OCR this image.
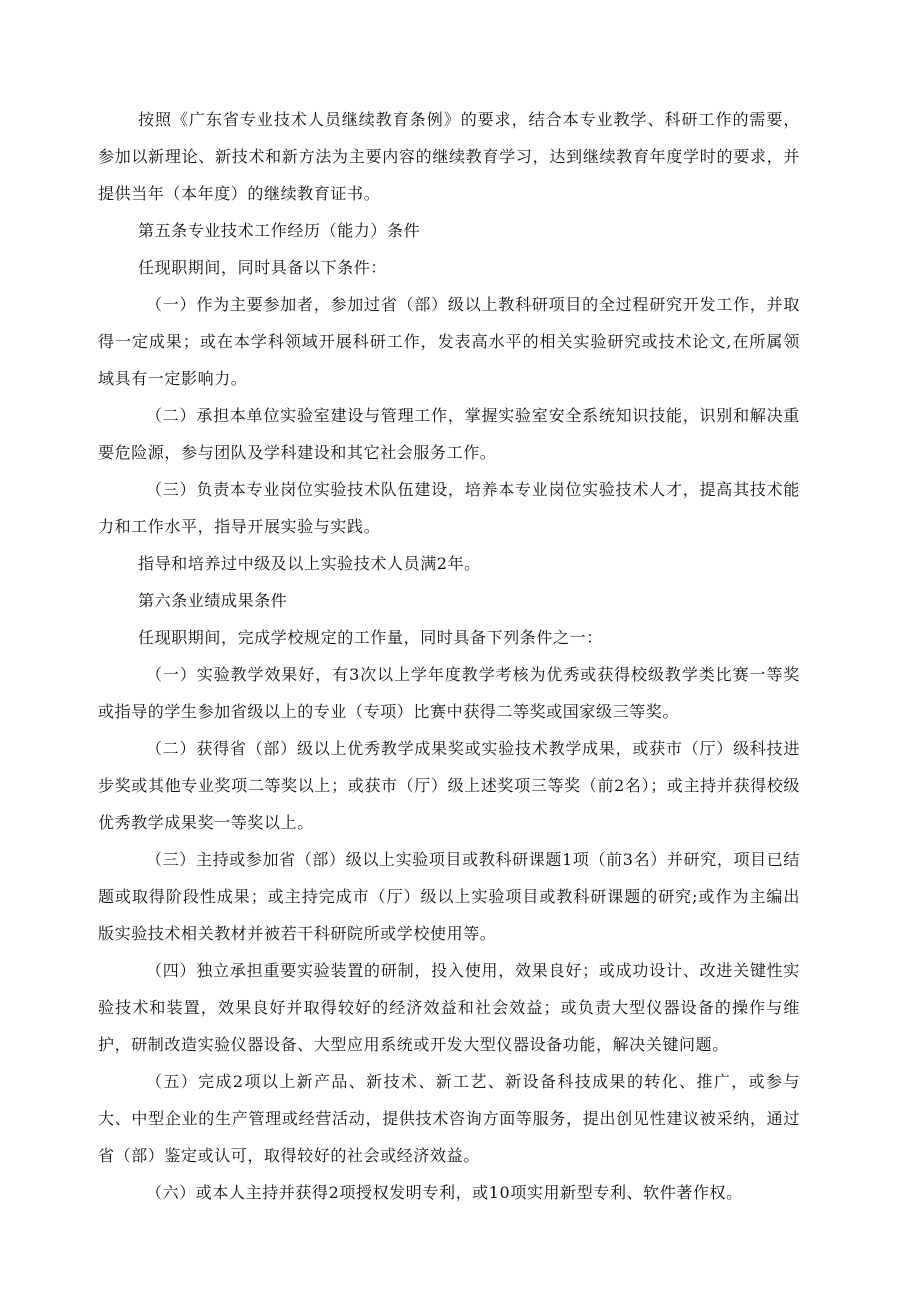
按照《广东省专业技术人员继续教育条例》的要求，结合本专业教学、科研工作的需要，参加以新理论、新技术和新方法为主要内容的继续教育学习，达到继续教育年度学时的要求，并提供当年（本年度）的继续教育证书。

第五条专业技术工作经历（能力）条件

任现职期间，同时具备以下条件：

（一）作为主要参加者，参加过省（部）级以上教科研项目的全过程研究开发工作，并取得一定成果；或在本学科领域开展科研工作，发表高水平的相关实验研究或技术论文,在所属领域具有一定影响力。

（二）承担本单位实验室建设与管理工作，掌握实验室安全系统知识技能，识别和解决重要危险源，参与团队及学科建设和其它社会服务工作。

（三）负责本专业岗位实验技术队伍建设，培养本专业岗位实验技术人才，提高其技术能力和工作水平，指导开展实验与实践。

指导和培养过中级及以上实验技术人员满2年。

第六条业绩成果条件

任现职期间，完成学校规定的工作量，同时具备下列条件之一：

（一）实验教学效果好，有3次以上学年度教学考核为优秀或获得校级教学类比赛一等奖或指导的学生参加省级以上的专业（专项）比赛中获得二等奖或国家级三等奖。

（二）获得省（部）级以上优秀教学成果奖或实验技术教学成果，或获市（厅）级科技进步奖或其他专业奖项二等奖以上；或获市（厅）级上述奖项三等奖（前2名）；或主持并获得校级优秀教学成果奖一等奖以上。

（三）主持或参加省（部）级以上实验项目或教科研课题1项（前3名）并研究，项目已结题或取得阶段性成果；或主持完成市（厅）级以上实验项目或教科研课题的研究;或作为主编出版实验技术相关教材并被若干科研院所或学校使用等。

（四）独立承担重要实验装置的研制，投入使用，效果良好；或成功设计、改进关键性实验技术和装置，效果良好并取得较好的经济效益和社会效益；或负责大型仪器设备的操作与维护，研制改造实验仪器设备、大型应用系统或开发大型仪器设备功能，解决关键问题。

（五）完成2项以上新产品、新技术、新工艺、新设备科技成果的转化、推广，或参与大、中型企业的生产管理或经营活动，提供技术咨询方面等服务，提出创见性建议被采纳，通过省（部）鉴定或认可，取得较好的社会或经济效益。

（六）或本人主持并获得2项授权发明专利，或10项实用新型专利、软件著作权。
